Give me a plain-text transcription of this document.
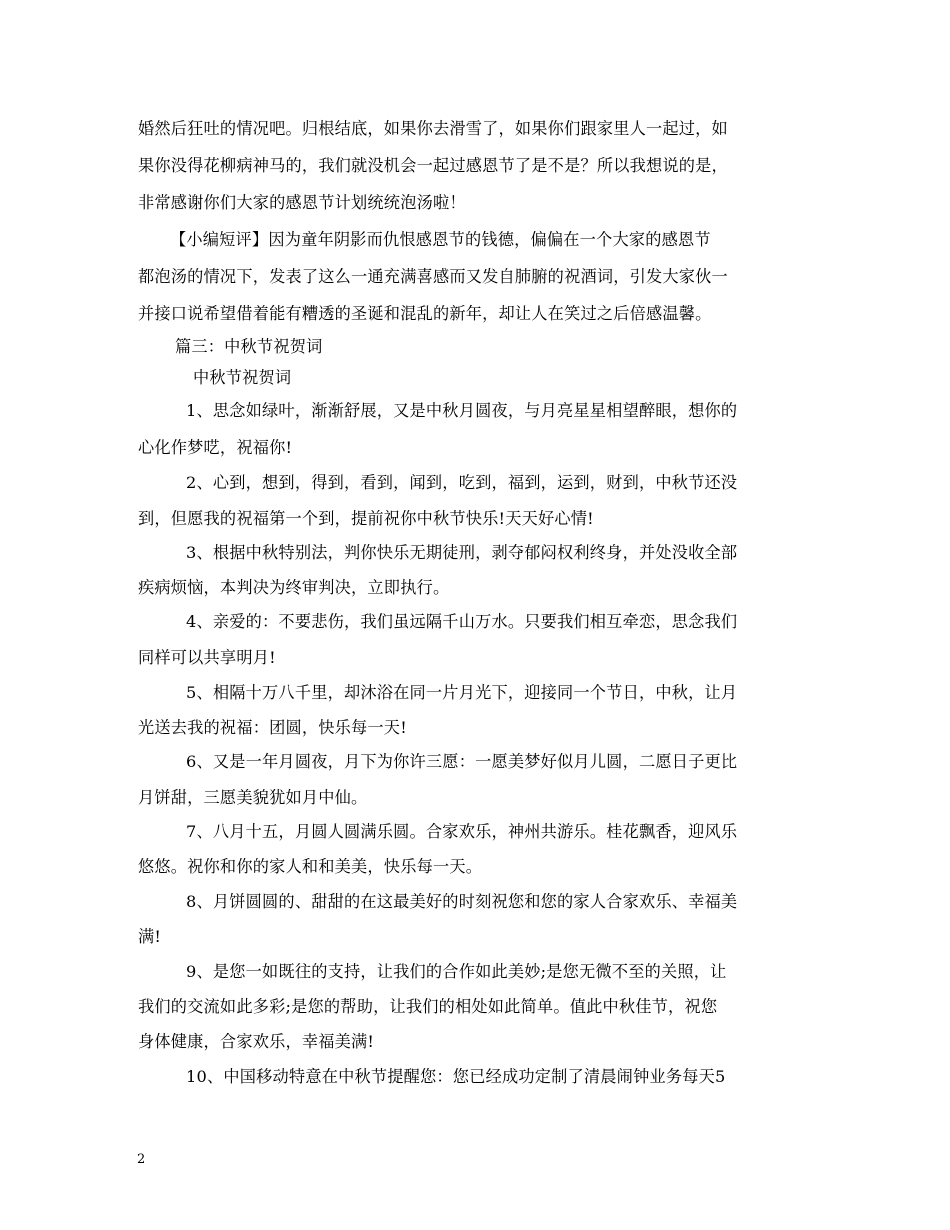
婚然后狂吐的情况吧。归根结底，如果你去滑雪了，如果你们跟家里人一起过，如
果你没得花柳病神马的，我们就没机会一起过感恩节了是不是？所以我想说的是，
非常感谢你们大家的感恩节计划统统泡汤啦！
【小编短评】因为童年阴影而仇恨感恩节的钱德，偏偏在一个大家的感恩节
都泡汤的情况下，发表了这么一通充满喜感而又发自肺腑的祝酒词，引发大家伙一
并接口说希望借着能有糟透的圣诞和混乱的新年，却让人在笑过之后倍感温馨。
篇三：中秋节祝贺词
中秋节祝贺词
1、思念如绿叶，渐渐舒展，又是中秋月圆夜，与月亮星星相望醉眼，想你的
心化作梦呓，祝福你!
2、心到，想到，得到，看到，闻到，吃到，福到，运到，财到，中秋节还没
到，但愿我的祝福第一个到，提前祝你中秋节快乐!天天好心情!
3、根据中秋特别法，判你快乐无期徒刑，剥夺郁闷权利终身，并处没收全部
疾病烦恼，本判决为终审判决，立即执行。
4、亲爱的：不要悲伤，我们虽远隔千山万水。只要我们相互牵恋，思念我们
同样可以共享明月!
5、相隔十万八千里，却沐浴在同一片月光下，迎接同一个节日，中秋，让月
光送去我的祝福：团圆，快乐每一天!
6、又是一年月圆夜，月下为你许三愿：一愿美梦好似月儿圆，二愿日子更比
月饼甜，三愿美貌犹如月中仙。
7、八月十五，月圆人圆满乐圆。合家欢乐，神州共游乐。桂花飘香，迎风乐
悠悠。祝你和你的家人和和美美，快乐每一天。
8、月饼圆圆的、甜甜的在这最美好的时刻祝您和您的家人合家欢乐、幸福美
满!
9、是您一如既往的支持，让我们的合作如此美妙;是您无微不至的关照，让
我们的交流如此多彩;是您的帮助，让我们的相处如此简单。值此中秋佳节，祝您
身体健康，合家欢乐，幸福美满!
10、中国移动特意在中秋节提醒您：您已经成功定制了清晨闹钟业务每天5
2
